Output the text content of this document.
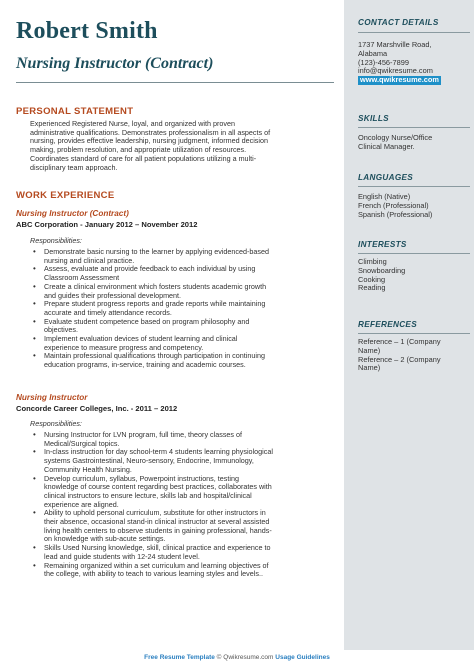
Robert Smith
Nursing Instructor (Contract)
PERSONAL STATEMENT
Experienced Registered Nurse, loyal, and organized with proven
administrative qualifications. Demonstrates professionalism in all aspects of
nursing, provides effective leadership, nursing judgment, informed decision
making, problem resolution, and appropriate utilization of resources.
Coordinates standard of care for all patient populations utilizing a multi-
disciplinary team approach.
WORK EXPERIENCE
Nursing Instructor (Contract)
ABC Corporation - January 2012 – November 2012
Responsibilities:
• Demonstrate basic nursing to the learner by applying evidenced-based
nursing and clinical practice.
• Assess, evaluate and provide feedback to each individual by using
Classroom Assessment
• Create a clinical environment which fosters students academic growth
and guides their professional development.
• Prepare student progress reports and grade reports while maintaining
accurate and timely attendance records.
• Evaluate student competence based on program philosophy and
objectives.
• Implement evaluation devices of student learning and clinical
experience to measure progress and competency.
• Maintain professional qualifications through participation in continuing
education programs, in-service, training and academic courses.
Nursing Instructor
Concorde Career Colleges, Inc. - 2011 – 2012
Responsibilities:
• Nursing Instructor for LVN program, full time, theory classes of
Medical/Surgical topics.
• In-class instruction for day school-term 4 students learning physiological
systems Gastrointestinal, Neuro-sensory, Endocrine, Immunology,
Community Health Nursing.
• Develop curriculum, syllabus, Powerpoint instructions, testing
knowledge of course content regarding best practices, collaborates with
clinical instructors to ensure lecture, skills lab and hospital/clinical
experience are aligned.
• Ability to uphold personal curriculum, substitute for other instructors in
their absence, occasional stand-in clinical instructor at several assisted
living health centers to observe students in gaining professional, hands-
on knowledge with sub-acute settings.
• Skills Used Nursing knowledge, skill, clinical practice and experience to
lead and guide students with 12-24 student level.
• Remaining organized within a set curriculum and learning objectives of
the college, with ability to teach to various learning styles and levels..
CONTACT DETAILS
1737 Marshville Road,
Alabama
(123)-456-7899
info@qwikresume.com
www.qwikresume.com
SKILLS
Oncology Nurse/Office
Clinical Manager.
LANGUAGES
English (Native)
French (Professional)
Spanish (Professional)
INTERESTS
Climbing
Snowboarding
Cooking
Reading
REFERENCES
Reference – 1 (Company
Name)
Reference – 2 (Company
Name)
Free Resume Template © Qwikresume.com Usage Guidelines
